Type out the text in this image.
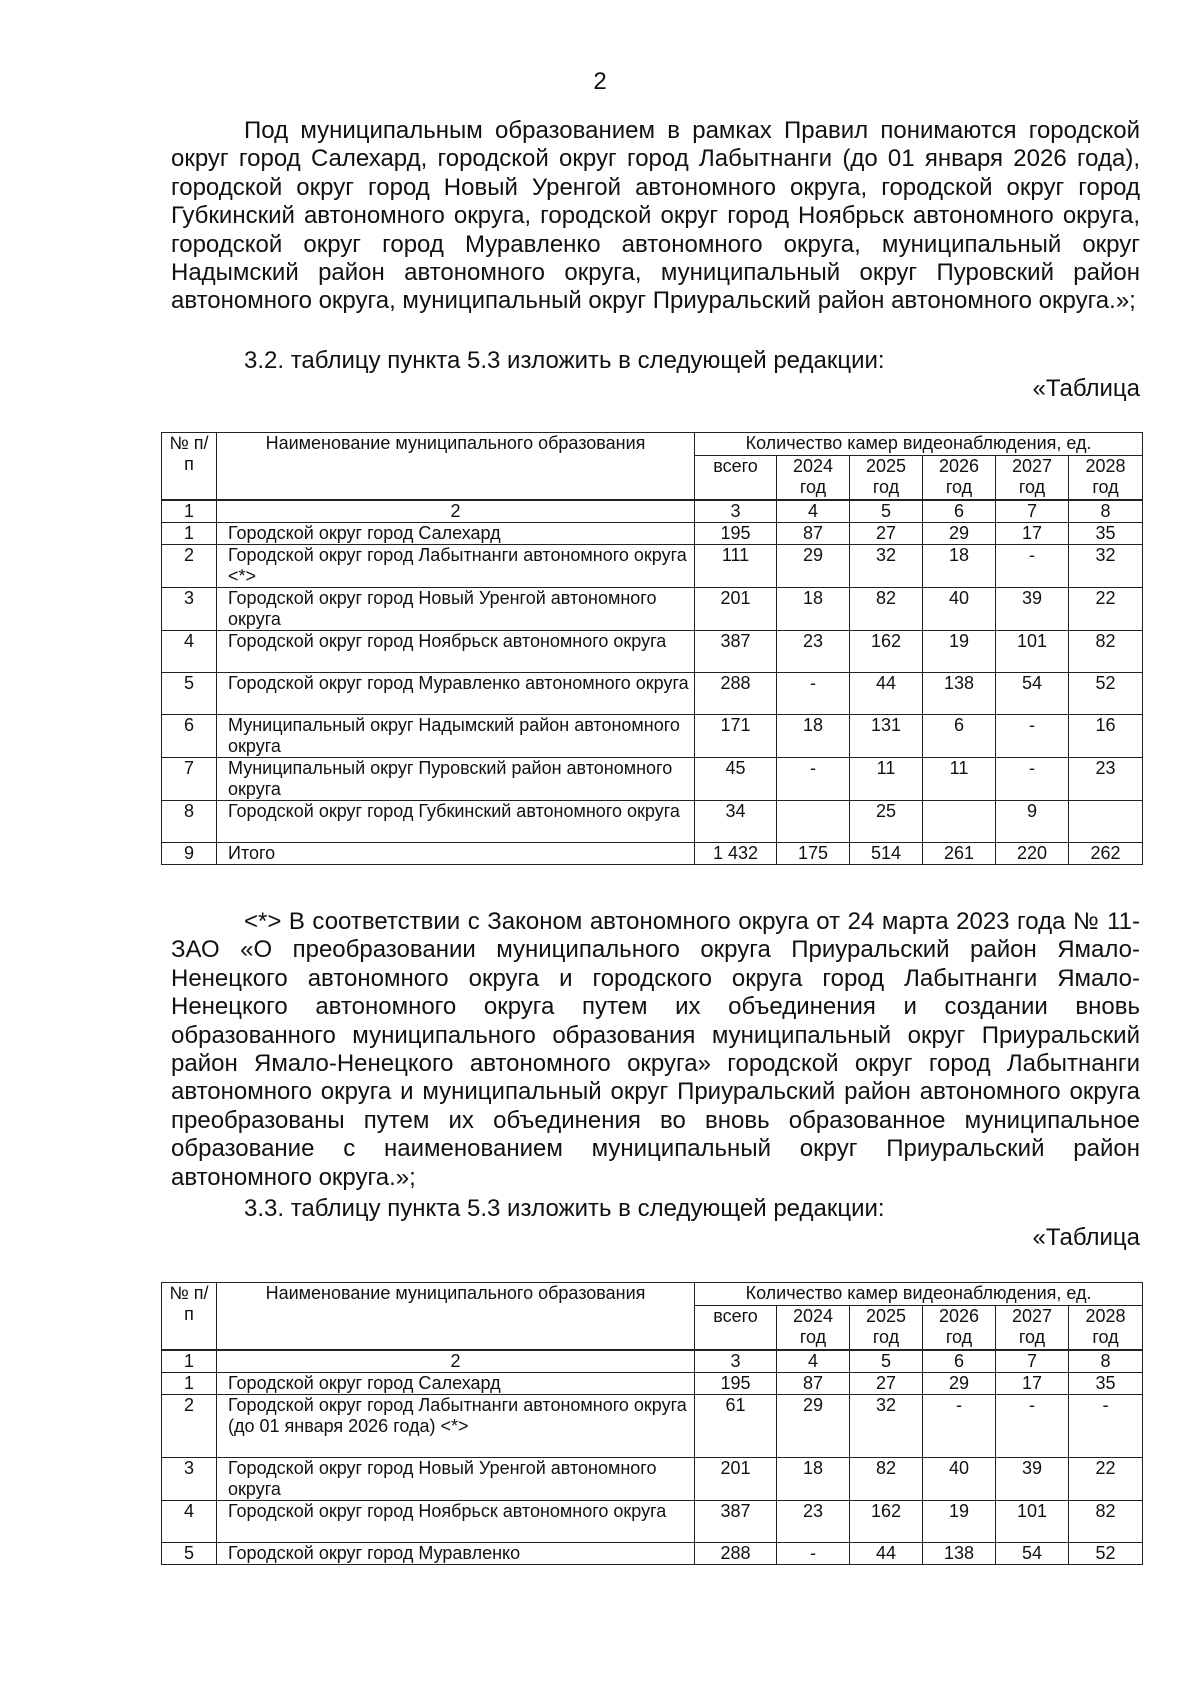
2

Под муниципальным образованием в рамках Правил понимаются городской округ город Салехард, городской округ город Лабытнанги (до 01 января 2026 года), городской округ город Новый Уренгой автономного округа, городской округ город Губкинский автономного округа, городской округ город Ноябрьск автономного округа, городской округ город Муравленко автономного округа, муниципальный округ Надымский район автономного округа, муниципальный округ Пуровский район автономного округа, муниципальный округ Приуральский район автономного округа.»;

3.2. таблицу пункта 5.3 изложить в следующей редакции:

«Таблица

№ п/п	Наименование муниципального образования	Количество камер видеонаблюдения, ед.					
		всего	2024 год	2025 год	2026 год	2027 год	2028 год
1	2	3	4	5	6	7	8
1	Городской округ город Салехард	195	87	27	29	17	35
2	Городской округ город Лабытнанги автономного округа <*>	111	29	32	18	-	32
3	Городской округ город Новый Уренгой автономного округа	201	18	82	40	39	22
4	Городской округ город Ноябрьск автономного округа	387	23	162	19	101	82
5	Городской округ город Муравленко автономного округа	288	-	44	138	54	52
6	Муниципальный округ Надымский район автономного округа	171	18	131	6	-	16
7	Муниципальный округ Пуровский район автономного округа	45	-	11	11	-	23
8	Городской округ город Губкинский автономного округа	34		25		9	
9	Итого	1 432	175	514	261	220	262

<*> В соответствии с Законом автономного округа от 24 марта 2023 года № 11-ЗАО «О преобразовании муниципального округа Приуральский район Ямало-Ненецкого автономного округа и городского округа город Лабытнанги Ямало-Ненецкого автономного округа путем их объединения и создании вновь образованного муниципального образования муниципальный округ Приуральский район Ямало-Ненецкого автономного округа» городской округ город Лабытнанги автономного округа и муниципальный округ Приуральский район автономного округа преобразованы путем их объединения во вновь образованное муниципальное образование с наименованием муниципальный округ Приуральский район автономного округа.»;

3.3. таблицу пункта 5.3 изложить в следующей редакции:

«Таблица

№ п/п	Наименование муниципального образования	Количество камер видеонаблюдения, ед.					
		всего	2024 год	2025 год	2026 год	2027 год	2028 год
1	2	3	4	5	6	7	8
1	Городской округ город Салехард	195	87	27	29	17	35
2	Городской округ город Лабытнанги автономного округа (до 01 января 2026 года) <*>	61	29	32	-	-	-
3	Городской округ город Новый Уренгой автономного округа	201	18	82	40	39	22
4	Городской округ город Ноябрьск автономного округа	387	23	162	19	101	82
5	Городской округ город Муравленко	288	-	44	138	54	52
